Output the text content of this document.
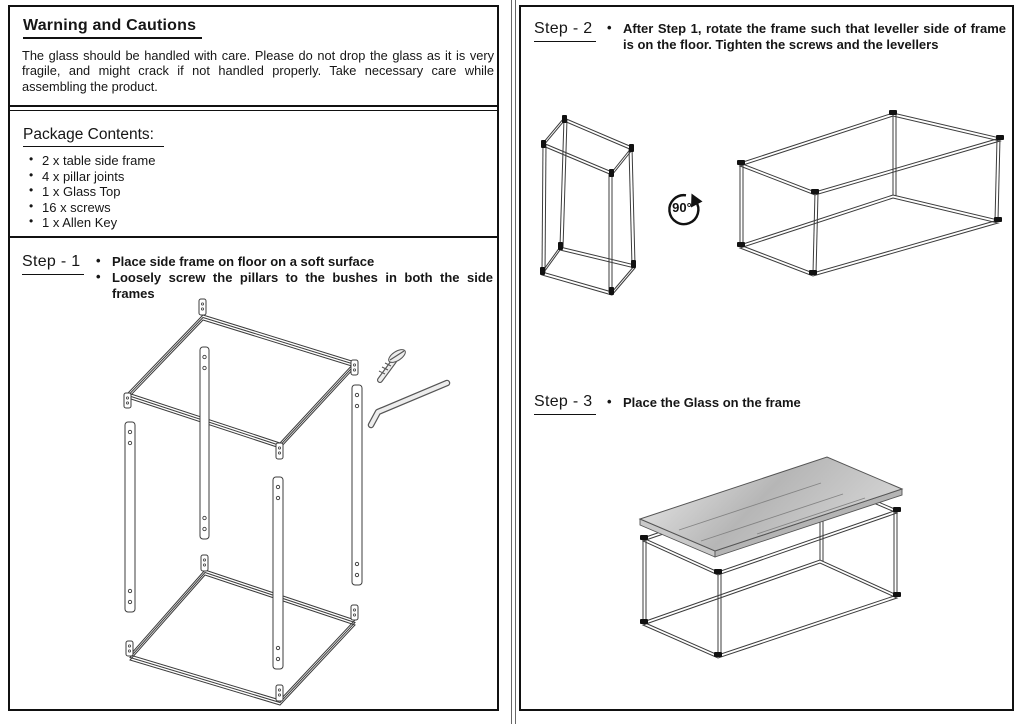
Warning and Cautions
The glass should be handled with care. Please do not drop the glass as it is very fragile, and might crack if not handled properly. Take necessary care while assembling the product.
Package Contents:
• 2 x table side frame
• 4 x pillar joints
• 1 x Glass Top
• 16 x screws
• 1 x Allen Key
Step - 1	• Place side frame on floor on a soft surface
• Loosely screw the pillars to the bushes in both the side frames
Step - 2	• After Step 1, rotate the frame such that leveller side of frame is on the floor. Tighten the screws and the levellers
90°
Step - 3	• Place the Glass on the frame
